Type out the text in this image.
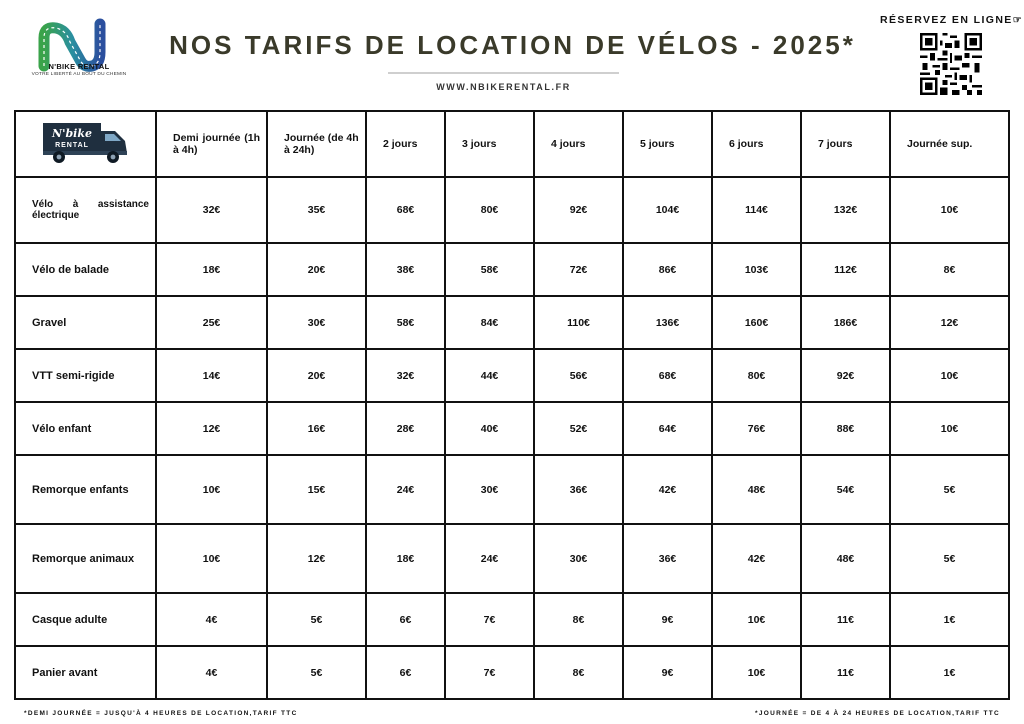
N'BIKE RENTAL
VOTRE LIBERTÉ AU BOUT DU CHEMIN
NOS TARIFS DE LOCATION DE VÉLOS - 2025*
WWW.NBIKERENTAL.FR
RÉSERVEZ EN LIGNE☞
N'bike
RENTAL	Demi journée (1h à 4h)	Journée (de 4h à 24h)	2 jours	3 jours	4 jours	5 jours	6 jours	7 jours	Journée sup.
Vélo à assistance électrique	32€	35€	68€	80€	92€	104€	114€	132€	10€
Vélo de balade	18€	20€	38€	58€	72€	86€	103€	112€	8€
Gravel	25€	30€	58€	84€	110€	136€	160€	186€	12€
VTT semi-rigide	14€	20€	32€	44€	56€	68€	80€	92€	10€
Vélo enfant	12€	16€	28€	40€	52€	64€	76€	88€	10€
Remorque enfants	10€	15€	24€	30€	36€	42€	48€	54€	5€
Remorque animaux	10€	12€	18€	24€	30€	36€	42€	48€	5€
Casque adulte	4€	5€	6€	7€	8€	9€	10€	11€	1€
Panier avant	4€	5€	6€	7€	8€	9€	10€	11€	1€
*DEMI JOURNÉE = JUSQU'À 4 HEURES DE LOCATION,TARIF TTC	*JOURNÉE = DE 4 À 24 HEURES DE LOCATION,TARIF TTC
